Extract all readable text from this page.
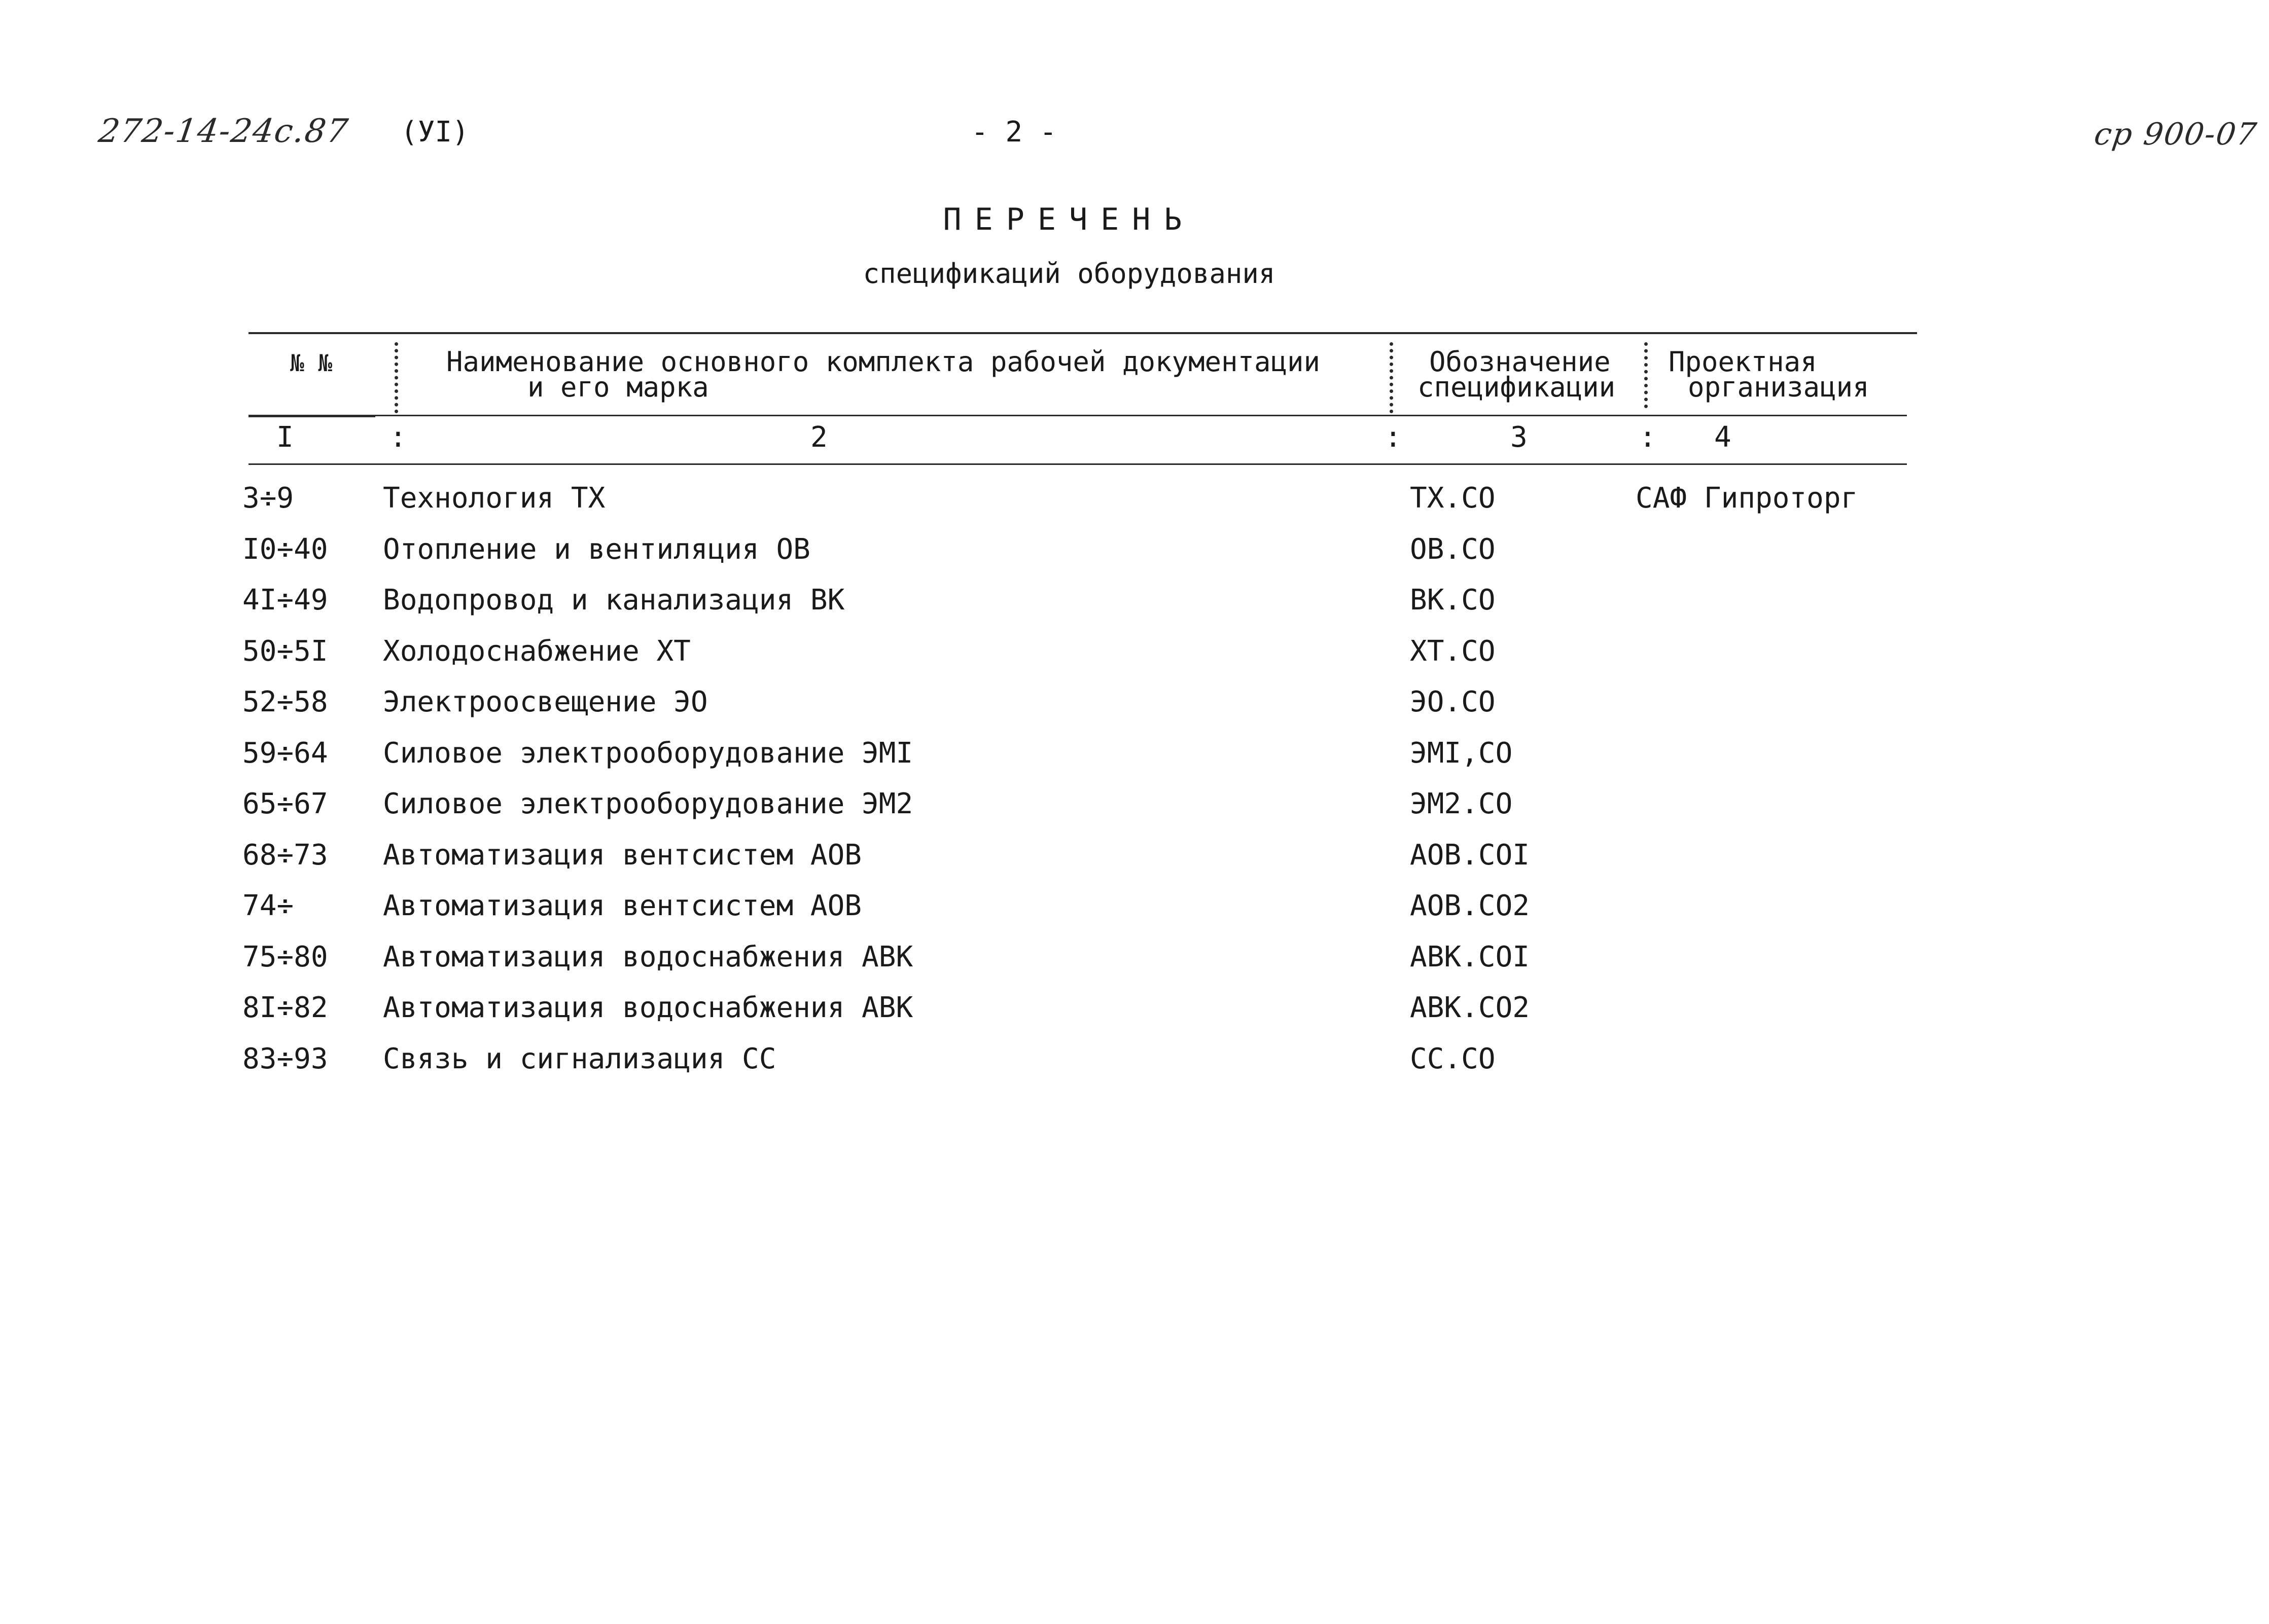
272-14-24с.87 (УI)	- 2 -	ср 900-07
ПЕРЕЧЕНЬ
спецификаций оборудования
№ №	Наименование основного комплекта рабочей документации
и его марка
Обозначение
спецификации
Проектная
организация
I	:	2	:	3	: 4
3÷9	Технология ТХ	ТХ.СО	САФ Гипроторг
I0÷40 Отопление и вентиляция ОВ	ОВ.СО
4I÷49 Водопровод и канализация ВК	ВК.СО
50÷5I Холодоснабжение ХТ	ХТ.СО
52÷58 Электроосвещение ЭО	ЭО.СО
59÷64 Силовое электрооборудование ЭМI	ЭМI,СО
65÷67 Силовое электрооборудование ЭМ2	ЭМ2.СО
68÷73 Автоматизация вентсистем АОВ	АОВ.СОI
74÷	Автоматизация вентсистем АОВ	АОВ.СО2
75÷80 Автоматизация водоснабжения АВК	АВК.СОI
8I÷82 Автоматизация водоснабжения АВК	АВК.СО2
83÷93 Связь и сигнализация СС	СС.СО
